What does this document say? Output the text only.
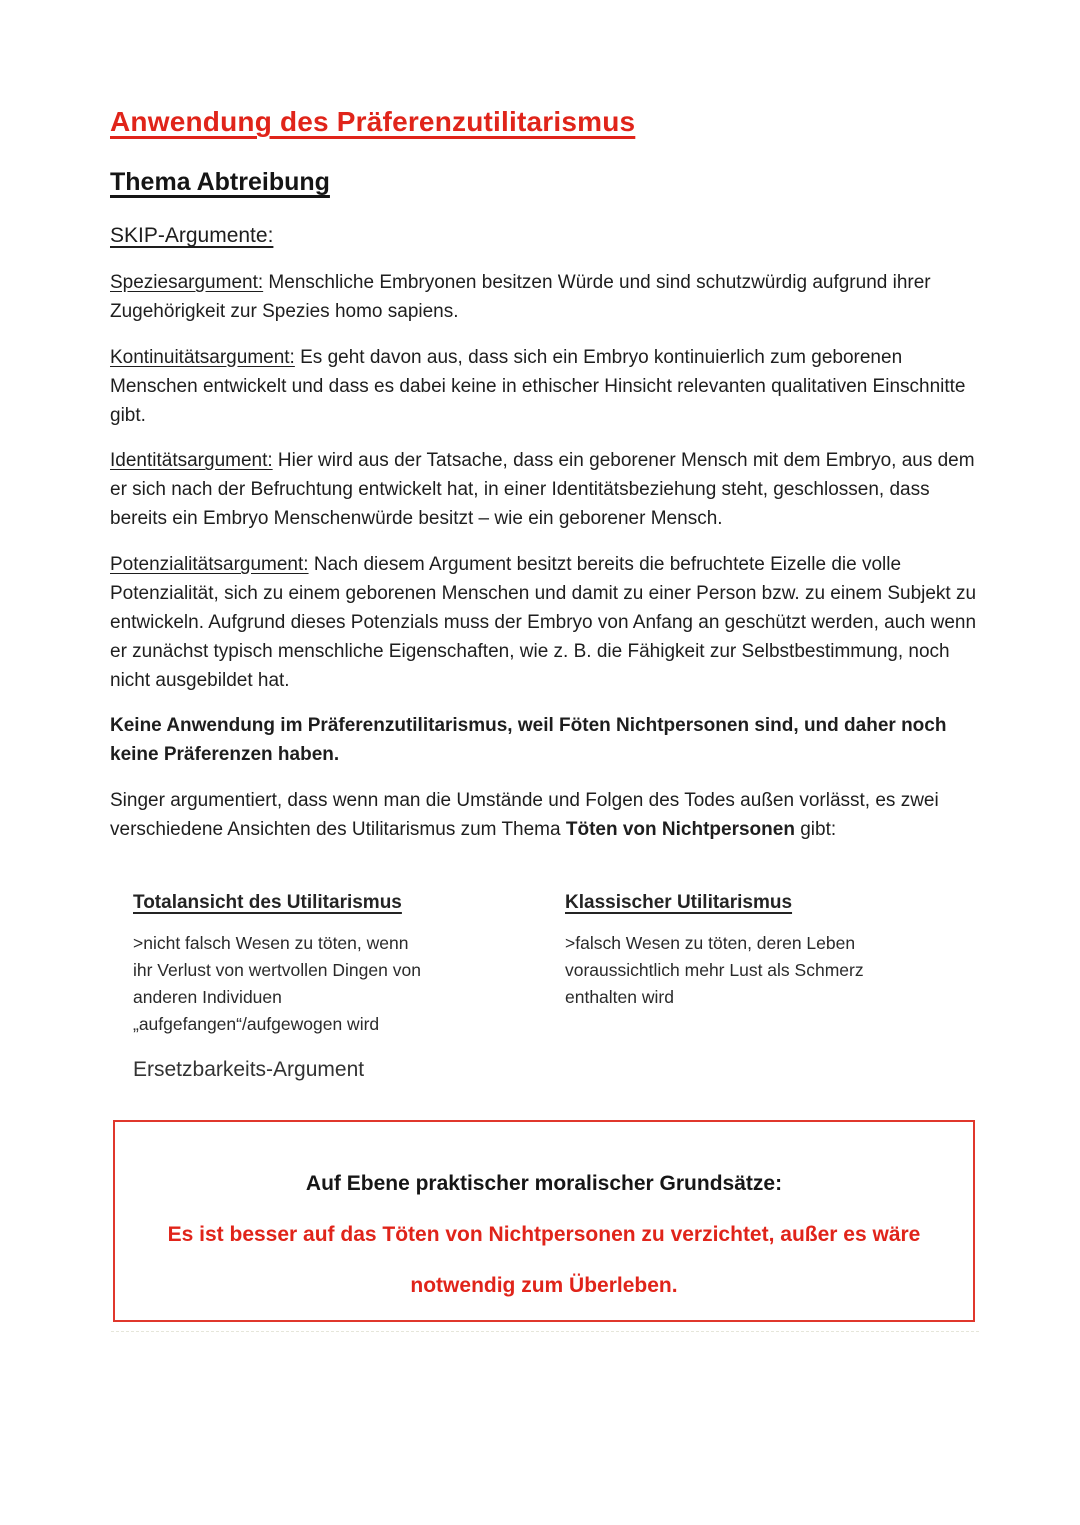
Anwendung des Präferenzutilitarismus
Thema Abtreibung
SKIP-Argumente:

Speziesargument: Menschliche Embryonen besitzen Würde und sind schutzwürdig aufgrund ihrer Zugehörigkeit zur Spezies homo sapiens.

Kontinuitätsargument: Es geht davon aus, dass sich ein Embryo kontinuierlich zum geborenen Menschen entwickelt und dass es dabei keine in ethischer Hinsicht relevanten qualitativen Einschnitte gibt.

Identitätsargument: Hier wird aus der Tatsache, dass ein geborener Mensch mit dem Embryo, aus dem er sich nach der Befruchtung entwickelt hat, in einer Identitätsbeziehung steht, geschlossen, dass bereits ein Embryo Menschenwürde besitzt – wie ein geborener Mensch.

Potenzialitätsargument: Nach diesem Argument besitzt bereits die befruchtete Eizelle die volle Potenzialität, sich zu einem geborenen Menschen und damit zu einer Person bzw. zu einem Subjekt zu entwickeln. Aufgrund dieses Potenzials muss der Embryo von Anfang an geschützt werden, auch wenn er zunächst typisch menschliche Eigenschaften, wie z. B. die Fähigkeit zur Selbstbestimmung, noch nicht ausgebildet hat.

Keine Anwendung im Präferenzutilitarismus, weil Föten Nichtpersonen sind, und daher noch keine Präferenzen haben.

Singer argumentiert, dass wenn man die Umstände und Folgen des Todes außen vorlässt, es zwei verschiedene Ansichten des Utilitarismus zum Thema Töten von Nichtpersonen gibt:

Totalansicht des Utilitarismus
>nicht falsch Wesen zu töten, wenn
ihr Verlust von wertvollen Dingen von
anderen Individuen
„aufgefangen“/aufgewogen wird
Ersetzbarkeits-Argument
Klassischer Utilitarismus
>falsch Wesen zu töten, deren Leben
voraussichtlich mehr Lust als Schmerz
enthalten wird
Auf Ebene praktischer moralischer Grundsätze:
Es ist besser auf das Töten von Nichtpersonen zu verzichtet, außer es wäre
notwendig zum Überleben.
